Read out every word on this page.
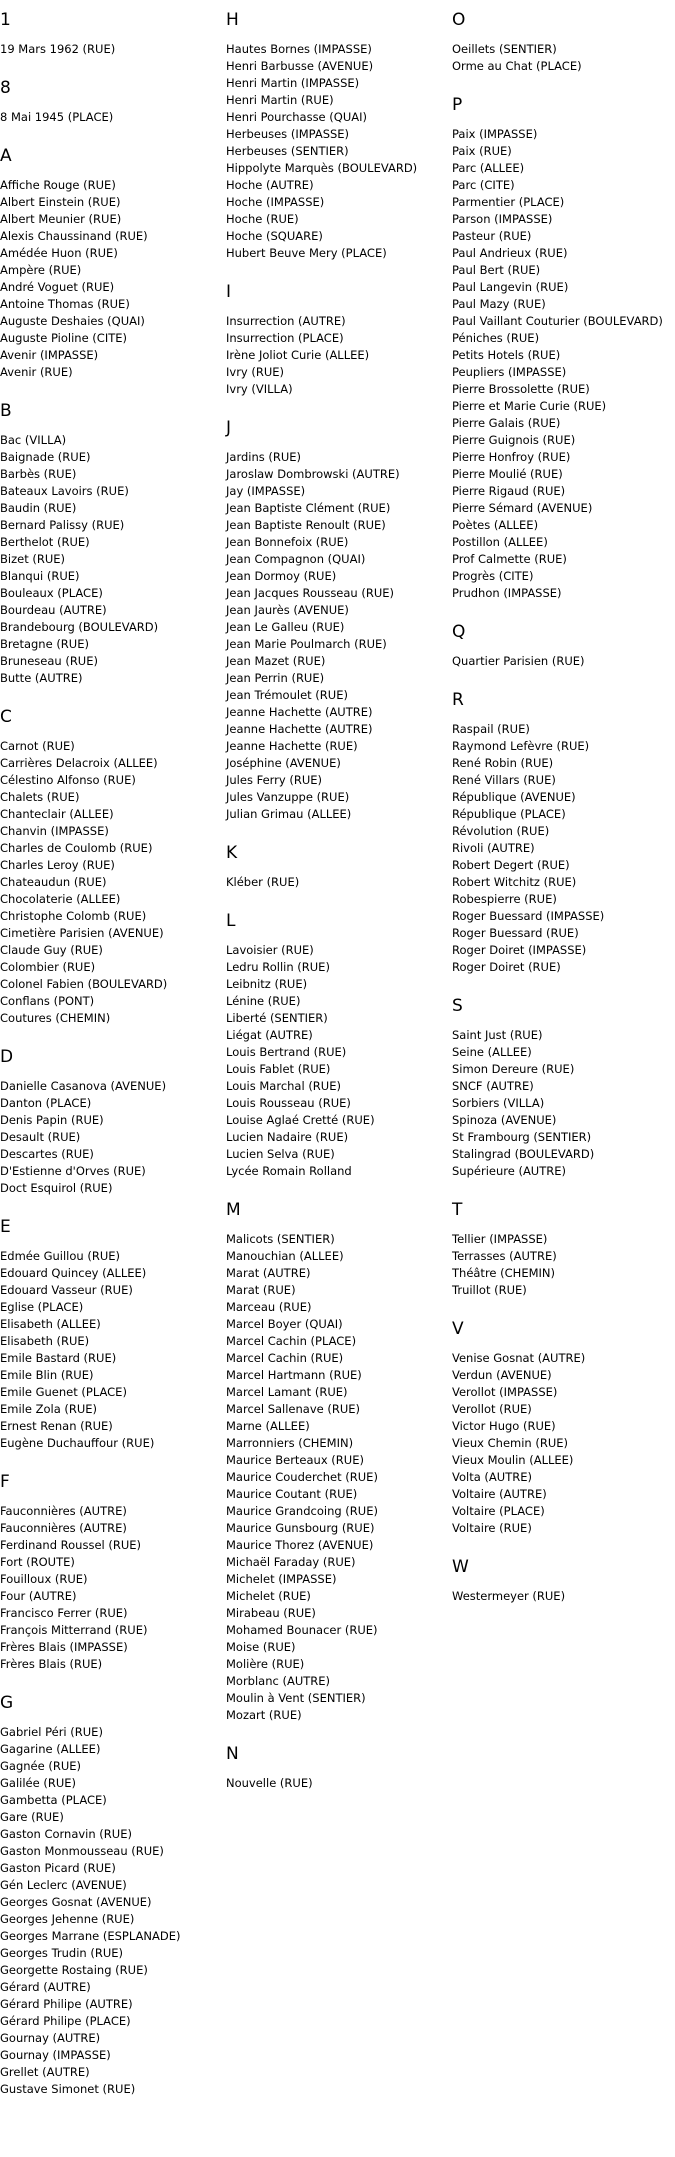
1
19 Mars 1962 (RUE)
8
8 Mai 1945 (PLACE)
A
Affiche Rouge (RUE)
Albert Einstein (RUE)
Albert Meunier (RUE)
Alexis Chaussinand (RUE)
Amédée Huon (RUE)
Ampère (RUE)
André Voguet (RUE)
Antoine Thomas (RUE)
Auguste Deshaies (QUAI)
Auguste Pioline (CITE)
Avenir (IMPASSE)
Avenir (RUE)
B
Bac (VILLA)
Baignade (RUE)
Barbès (RUE)
Bateaux Lavoirs (RUE)
Baudin (RUE)
Bernard Palissy (RUE)
Berthelot (RUE)
Bizet (RUE)
Blanqui (RUE)
Bouleaux (PLACE)
Bourdeau (AUTRE)
Brandebourg (BOULEVARD)
Bretagne (RUE)
Bruneseau (RUE)
Butte (AUTRE)
C
Carnot (RUE)
Carrières Delacroix (ALLEE)
Célestino Alfonso (RUE)
Chalets (RUE)
Chanteclair (ALLEE)
Chanvin (IMPASSE)
Charles de Coulomb (RUE)
Charles Leroy (RUE)
Chateaudun (RUE)
Chocolaterie (ALLEE)
Christophe Colomb (RUE)
Cimetière Parisien (AVENUE)
Claude Guy (RUE)
Colombier (RUE)
Colonel Fabien (BOULEVARD)
Conflans (PONT)
Coutures (CHEMIN)
D
Danielle Casanova (AVENUE)
Danton (PLACE)
Denis Papin (RUE)
Desault (RUE)
Descartes (RUE)
D'Estienne d'Orves (RUE)
Doct Esquirol (RUE)
E
Edmée Guillou (RUE)
Edouard Quincey (ALLEE)
Edouard Vasseur (RUE)
Eglise (PLACE)
Elisabeth (ALLEE)
Elisabeth (RUE)
Emile Bastard (RUE)
Emile Blin (RUE)
Emile Guenet (PLACE)
Emile Zola (RUE)
Ernest Renan (RUE)
Eugène Duchauffour (RUE)
F
Fauconnières (AUTRE)
Fauconnières (AUTRE)
Ferdinand Roussel (RUE)
Fort (ROUTE)
Fouilloux (RUE)
Four (AUTRE)
Francisco Ferrer (RUE)
François Mitterrand (RUE)
Frères Blais (IMPASSE)
Frères Blais (RUE)
G
Gabriel Péri (RUE)
Gagarine (ALLEE)
Gagnée (RUE)
Galilée (RUE)
Gambetta (PLACE)
Gare (RUE)
Gaston Cornavin (RUE)
Gaston Monmousseau (RUE)
Gaston Picard (RUE)
Gén Leclerc (AVENUE)
Georges Gosnat (AVENUE)
Georges Jehenne (RUE)
Georges Marrane (ESPLANADE)
Georges Trudin (RUE)
Georgette Rostaing (RUE)
Gérard (AUTRE)
Gérard Philipe (AUTRE)
Gérard Philipe (PLACE)
Gournay (AUTRE)
Gournay (IMPASSE)
Grellet (AUTRE)
Gustave Simonet (RUE)
H
Hautes Bornes (IMPASSE)
Henri Barbusse (AVENUE)
Henri Martin (IMPASSE)
Henri Martin (RUE)
Henri Pourchasse (QUAI)
Herbeuses (IMPASSE)
Herbeuses (SENTIER)
Hippolyte Marquès (BOULEVARD)
Hoche (AUTRE)
Hoche (IMPASSE)
Hoche (RUE)
Hoche (SQUARE)
Hubert Beuve Mery (PLACE)
I
Insurrection (AUTRE)
Insurrection (PLACE)
Irène Joliot Curie (ALLEE)
Ivry (RUE)
Ivry (VILLA)
J
Jardins (RUE)
Jaroslaw Dombrowski (AUTRE)
Jay (IMPASSE)
Jean Baptiste Clément (RUE)
Jean Baptiste Renoult (RUE)
Jean Bonnefoix (RUE)
Jean Compagnon (QUAI)
Jean Dormoy (RUE)
Jean Jacques Rousseau (RUE)
Jean Jaurès (AVENUE)
Jean Le Galleu (RUE)
Jean Marie Poulmarch (RUE)
Jean Mazet (RUE)
Jean Perrin (RUE)
Jean Trémoulet (RUE)
Jeanne Hachette (AUTRE)
Jeanne Hachette (AUTRE)
Jeanne Hachette (RUE)
Joséphine (AVENUE)
Jules Ferry (RUE)
Jules Vanzuppe (RUE)
Julian Grimau (ALLEE)
K
Kléber (RUE)
L
Lavoisier (RUE)
Ledru Rollin (RUE)
Leibnitz (RUE)
Lénine (RUE)
Liberté (SENTIER)
Liégat (AUTRE)
Louis Bertrand (RUE)
Louis Fablet (RUE)
Louis Marchal (RUE)
Louis Rousseau (RUE)
Louise Aglaé Cretté (RUE)
Lucien Nadaire (RUE)
Lucien Selva (RUE)
Lycée Romain Rolland
M
Malicots (SENTIER)
Manouchian (ALLEE)
Marat (AUTRE)
Marat (RUE)
Marceau (RUE)
Marcel Boyer (QUAI)
Marcel Cachin (PLACE)
Marcel Cachin (RUE)
Marcel Hartmann (RUE)
Marcel Lamant (RUE)
Marcel Sallenave (RUE)
Marne (ALLEE)
Marronniers (CHEMIN)
Maurice Berteaux (RUE)
Maurice Couderchet (RUE)
Maurice Coutant (RUE)
Maurice Grandcoing (RUE)
Maurice Gunsbourg (RUE)
Maurice Thorez (AVENUE)
Michaël Faraday (RUE)
Michelet (IMPASSE)
Michelet (RUE)
Mirabeau (RUE)
Mohamed Bounacer (RUE)
Moise (RUE)
Molière (RUE)
Morblanc (AUTRE)
Moulin à Vent (SENTIER)
Mozart (RUE)
N
Nouvelle (RUE)
O
Oeillets (SENTIER)
Orme au Chat (PLACE)
P
Paix (IMPASSE)
Paix (RUE)
Parc (ALLEE)
Parc (CITE)
Parmentier (PLACE)
Parson (IMPASSE)
Pasteur (RUE)
Paul Andrieux (RUE)
Paul Bert (RUE)
Paul Langevin (RUE)
Paul Mazy (RUE)
Paul Vaillant Couturier (BOULEVARD)
Péniches (RUE)
Petits Hotels (RUE)
Peupliers (IMPASSE)
Pierre Brossolette (RUE)
Pierre et Marie Curie (RUE)
Pierre Galais (RUE)
Pierre Guignois (RUE)
Pierre Honfroy (RUE)
Pierre Moulié (RUE)
Pierre Rigaud (RUE)
Pierre Sémard (AVENUE)
Poètes (ALLEE)
Postillon (ALLEE)
Prof Calmette (RUE)
Progrès (CITE)
Prudhon (IMPASSE)
Q
Quartier Parisien (RUE)
R
Raspail (RUE)
Raymond Lefèvre (RUE)
René Robin (RUE)
René Villars (RUE)
République (AVENUE)
République (PLACE)
Révolution (RUE)
Rivoli (AUTRE)
Robert Degert (RUE)
Robert Witchitz (RUE)
Robespierre (RUE)
Roger Buessard (IMPASSE)
Roger Buessard (RUE)
Roger Doiret (IMPASSE)
Roger Doiret (RUE)
S
Saint Just (RUE)
Seine (ALLEE)
Simon Dereure (RUE)
SNCF (AUTRE)
Sorbiers (VILLA)
Spinoza (AVENUE)
St Frambourg (SENTIER)
Stalingrad (BOULEVARD)
Supérieure (AUTRE)
T
Tellier (IMPASSE)
Terrasses (AUTRE)
Théâtre (CHEMIN)
Truillot (RUE)
V
Venise Gosnat (AUTRE)
Verdun (AVENUE)
Verollot (IMPASSE)
Verollot (RUE)
Victor Hugo (RUE)
Vieux Chemin (RUE)
Vieux Moulin (ALLEE)
Volta (AUTRE)
Voltaire (AUTRE)
Voltaire (PLACE)
Voltaire (RUE)
W
Westermeyer (RUE)
